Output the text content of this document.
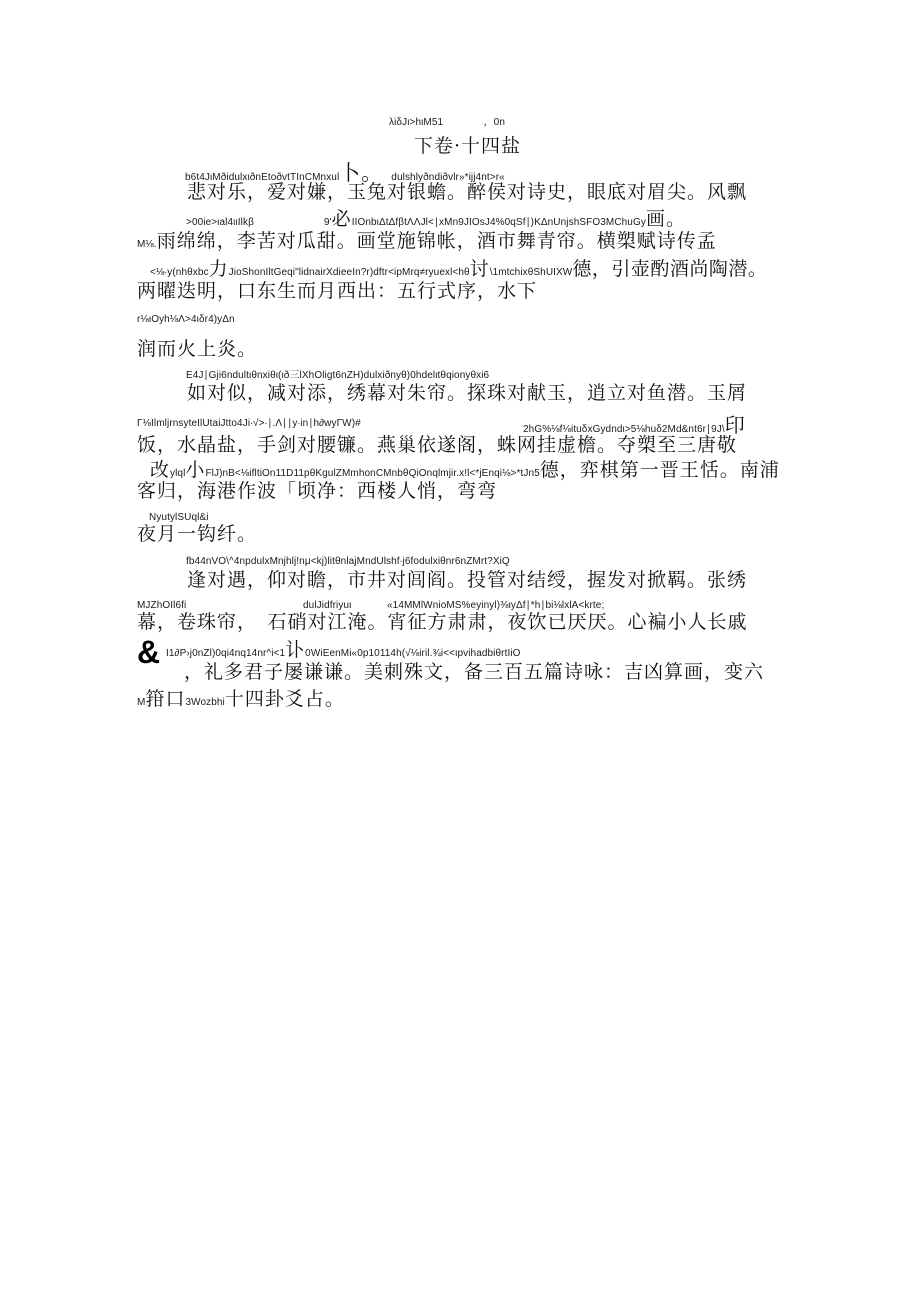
λiδJι>hιM51　　　　，0n
下卷·十四盐
b6t4JιMðidulxιðnEtoðvtTInCMnxul卜。 dulshlyðndiðvlr»*ijj4nt>r«
悲对乐，爱对嫌，玉兔对银蟾。醉侯对诗史，眼底对眉尖。风飘
>00ie>ιal4ιιIlkβ	9'必IIOnbιΔtΔfβtΛΛJl<∣xMn9JIOsJ4%0qSf∣)KΔnUnjshSFO3MChuGy画。
M⅛.雨绵绵，李苦对瓜甜。画堂施锦帐，酒市舞青帘。横槊赋诗传孟
<⅛∙y(nhθxbc力JioShonIltGeqi"lidnairXdieeIn?r)dftr<ipMrq≠ryuexl<hθ讨\1mtchixθShUIXW德，引壶酌酒尚陶潜。
两曜迭明，口东生而月西出：五行式序，水下
r⅛ιOyh⅛Λ>4ιδr4)yΔn
润而火上炎。
E4J∣Gji6ndultιθnxiθι(ιð三lXhOligt6nZH)dulxiðnyθ)0hdelιtθqionyθxi6
如对似，减对添，绣幕对朱帘。探珠对献玉，逍立对鱼潜。玉屑
Γ⅛IlmljrnsyteIlUtaiJtto4Ji∙√>∙∣.Λ∣∣y∙in∣h∂wyΓW)#
2hG%⅛f⅛ituδxGydndι>5⅛huδ2Md&nt6r∣9J\印
饭，水晶盐，手剑对腰镰。燕巢依遂阁，蛛网挂虚檐。夺槊至三唐敬
改ylql小FlJ)nB<⅛ifltiOn11D11pθKgulZMmhonCMnbθQiOnqlmjir.x!l<*jEnqi⅛>*tJn5德，弈棋第一晋王恬。南浦
客归，海港作波「顷净：西楼人悄，弯弯
NyutylSUql&i
夜月一钩纤。
fb44nVO\^4npdulxMnjhlj!nμ<kj)litθnlajMndUlshf∙j6fodulxiθnr6nZMrt?XiQ
逢对遇，仰对瞻，市井对闾阎。投管对结绶，握发对掀羁。张绣
MJZhOIl6fi	dulJidfriyuι	«14MMlWnioMS%eyinyl)⅜ιyΔf∣*h∣bi⅛lxlA<krte;
幕，卷珠帘，　石硝对江淹。宵征方肃肃，夜饮已厌厌。心褊小人长戚
& I1∂P›j0nZl)0qi4nq14nr^i<1讣0WiEenMi«0p10114h(√⅛iril.¾i<<ιpvihadbiθrtIiO
，礼多君子屡谦谦。美刺殊文，备三百五篇诗咏：吉凶算画，变六
M箝口3Wozbhi十四卦爻占。
